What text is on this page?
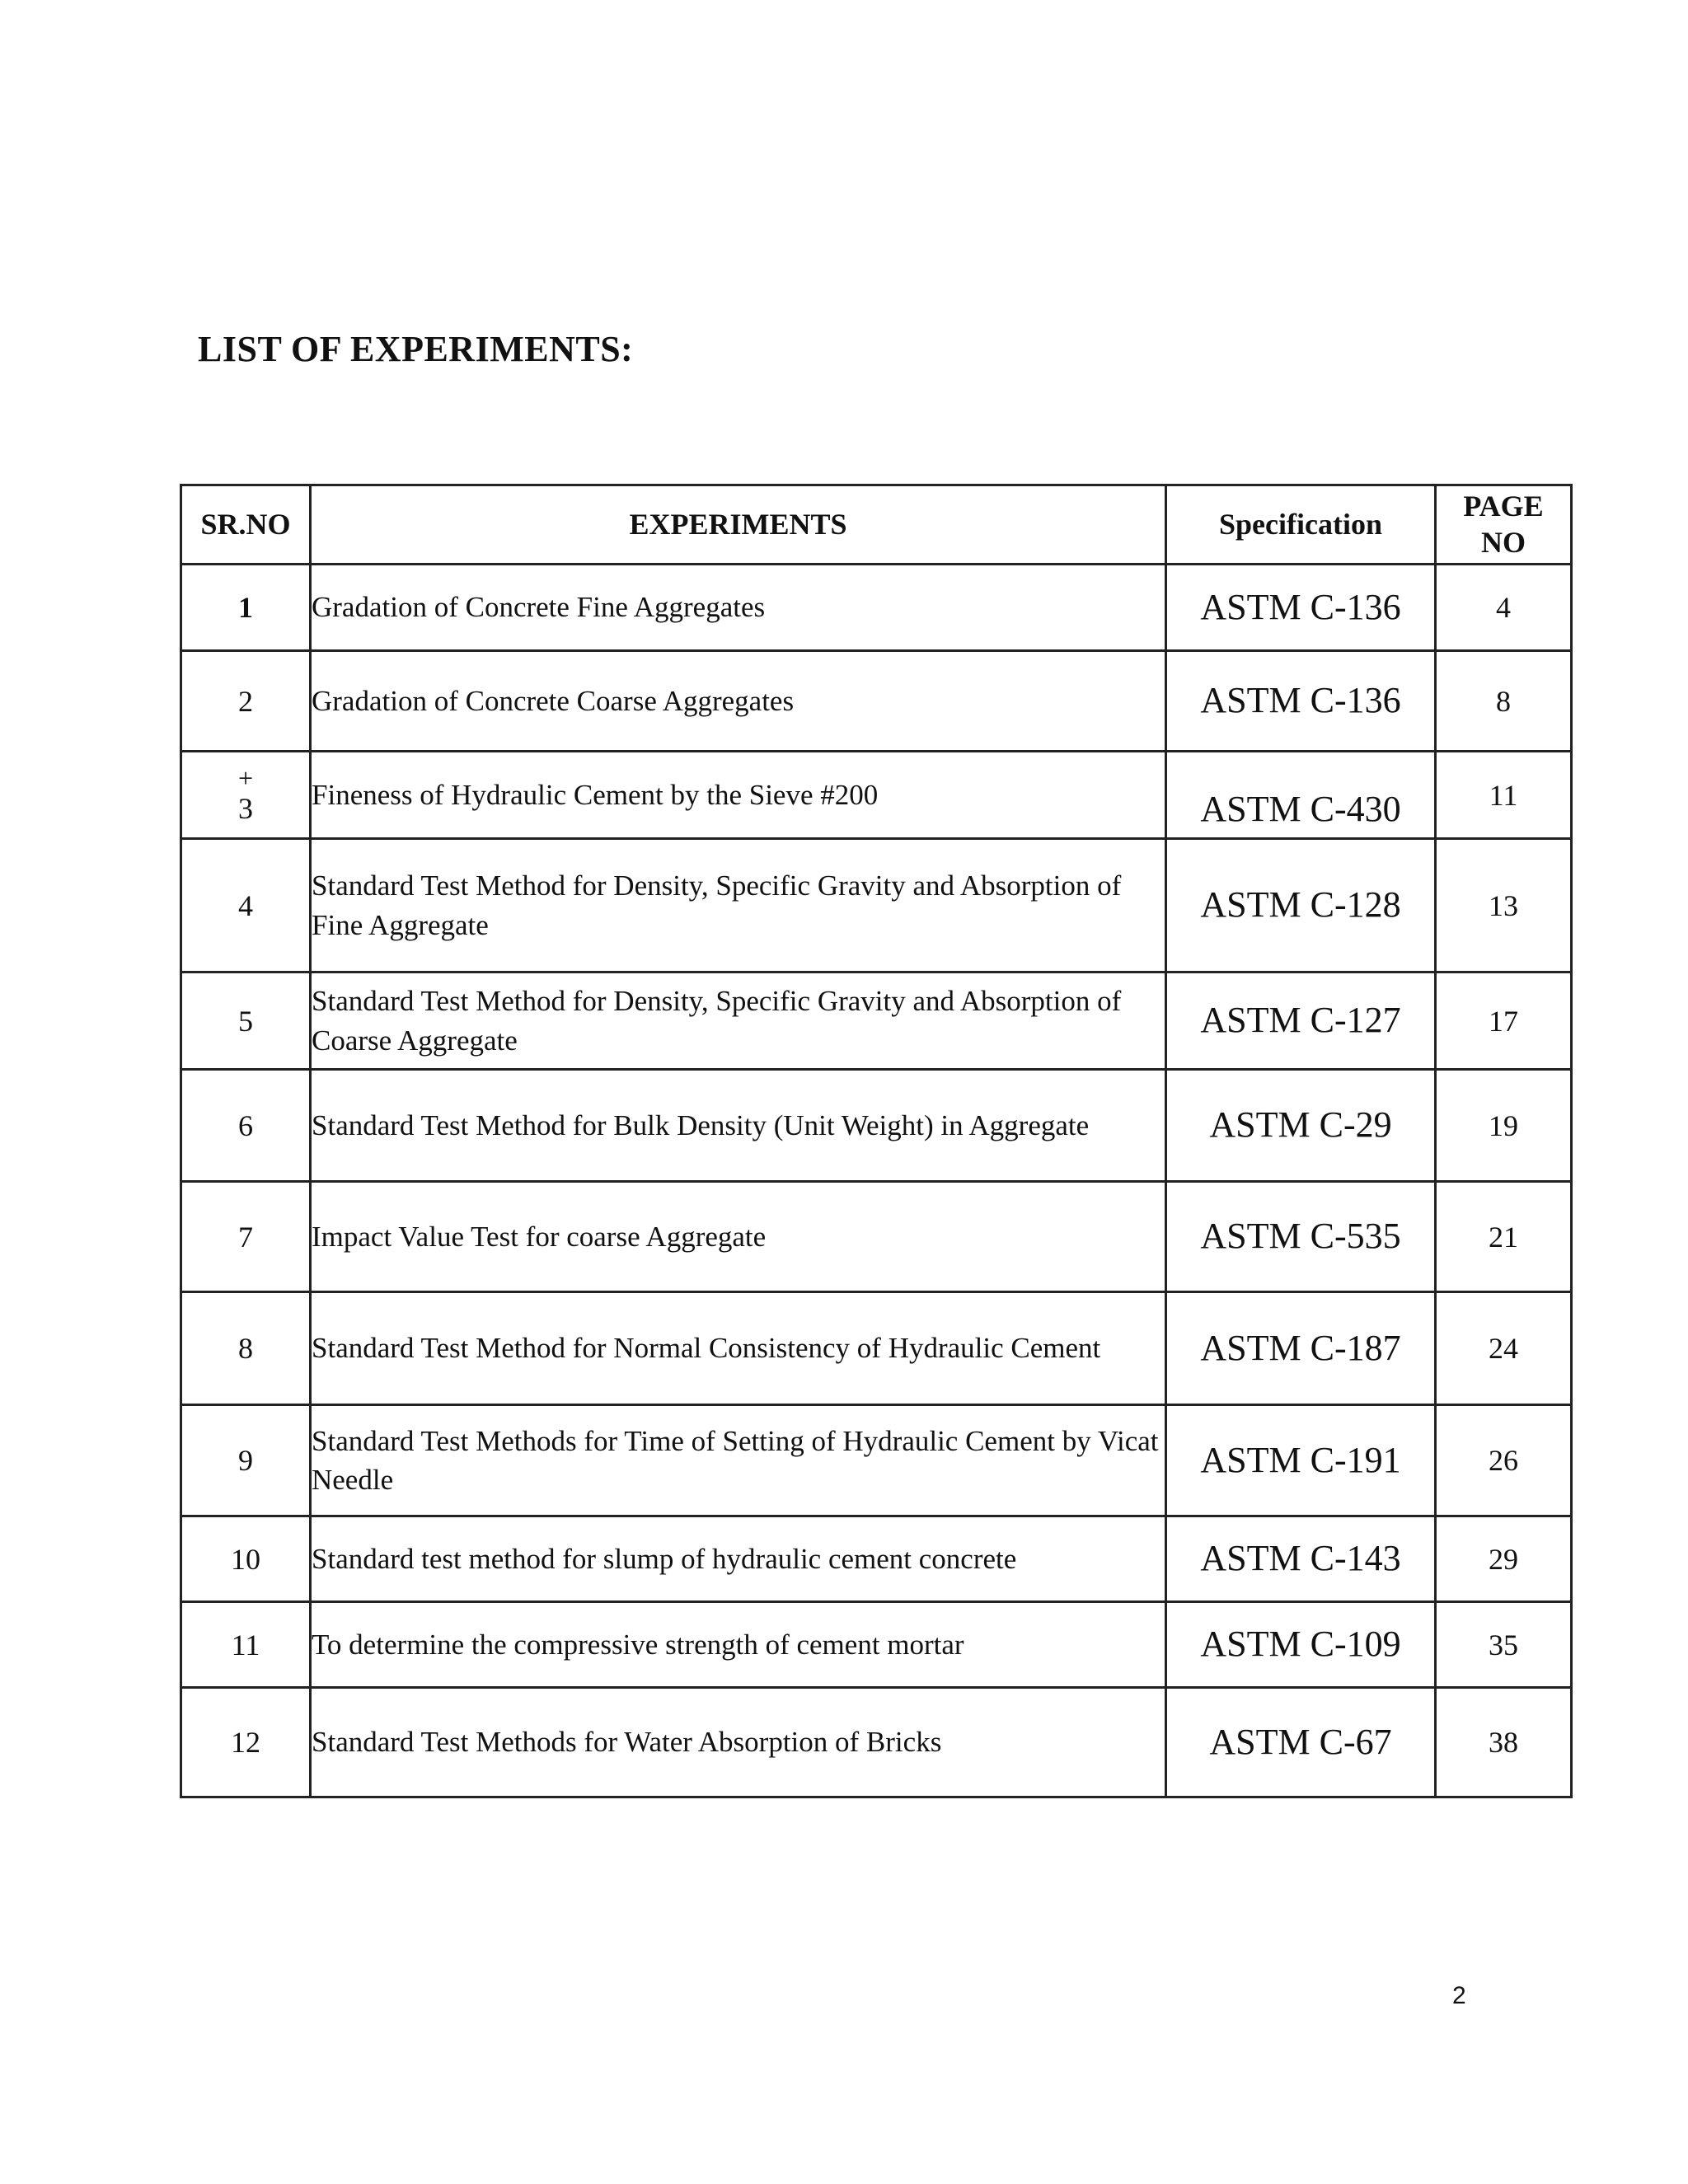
LIST OF EXPERIMENTS:
SR.NO	EXPERIMENTS	Specification	PAGE
NO
1	Gradation of Concrete Fine Aggregates	ASTM C-136	4
2	Gradation of Concrete Coarse Aggregates	ASTM C-136	8

+
3	Fineness of Hydraulic Cement by the Sieve #200	ASTM C-430	11
4	Standard Test Method for Density, Specific Gravity and Absorption of Fine Aggregate	ASTM C-128	13
5	Standard Test Method for Density, Specific Gravity and Absorption of Coarse Aggregate	ASTM C-127	17
6	Standard Test Method for Bulk Density (Unit Weight) in Aggregate	ASTM C-29	19
7	Impact Value Test for coarse Aggregate	ASTM C-535	21
8	Standard Test Method for Normal Consistency of Hydraulic Cement	ASTM C-187	24
9	Standard Test Methods for Time of Setting of Hydraulic Cement by Vicat Needle	ASTM C-191	26
10	Standard test method for slump of hydraulic cement concrete	ASTM C-143	29
11	To determine the compressive strength of cement mortar	ASTM C-109	35
12	Standard Test Methods for Water Absorption of Bricks	ASTM C-67	38
2
